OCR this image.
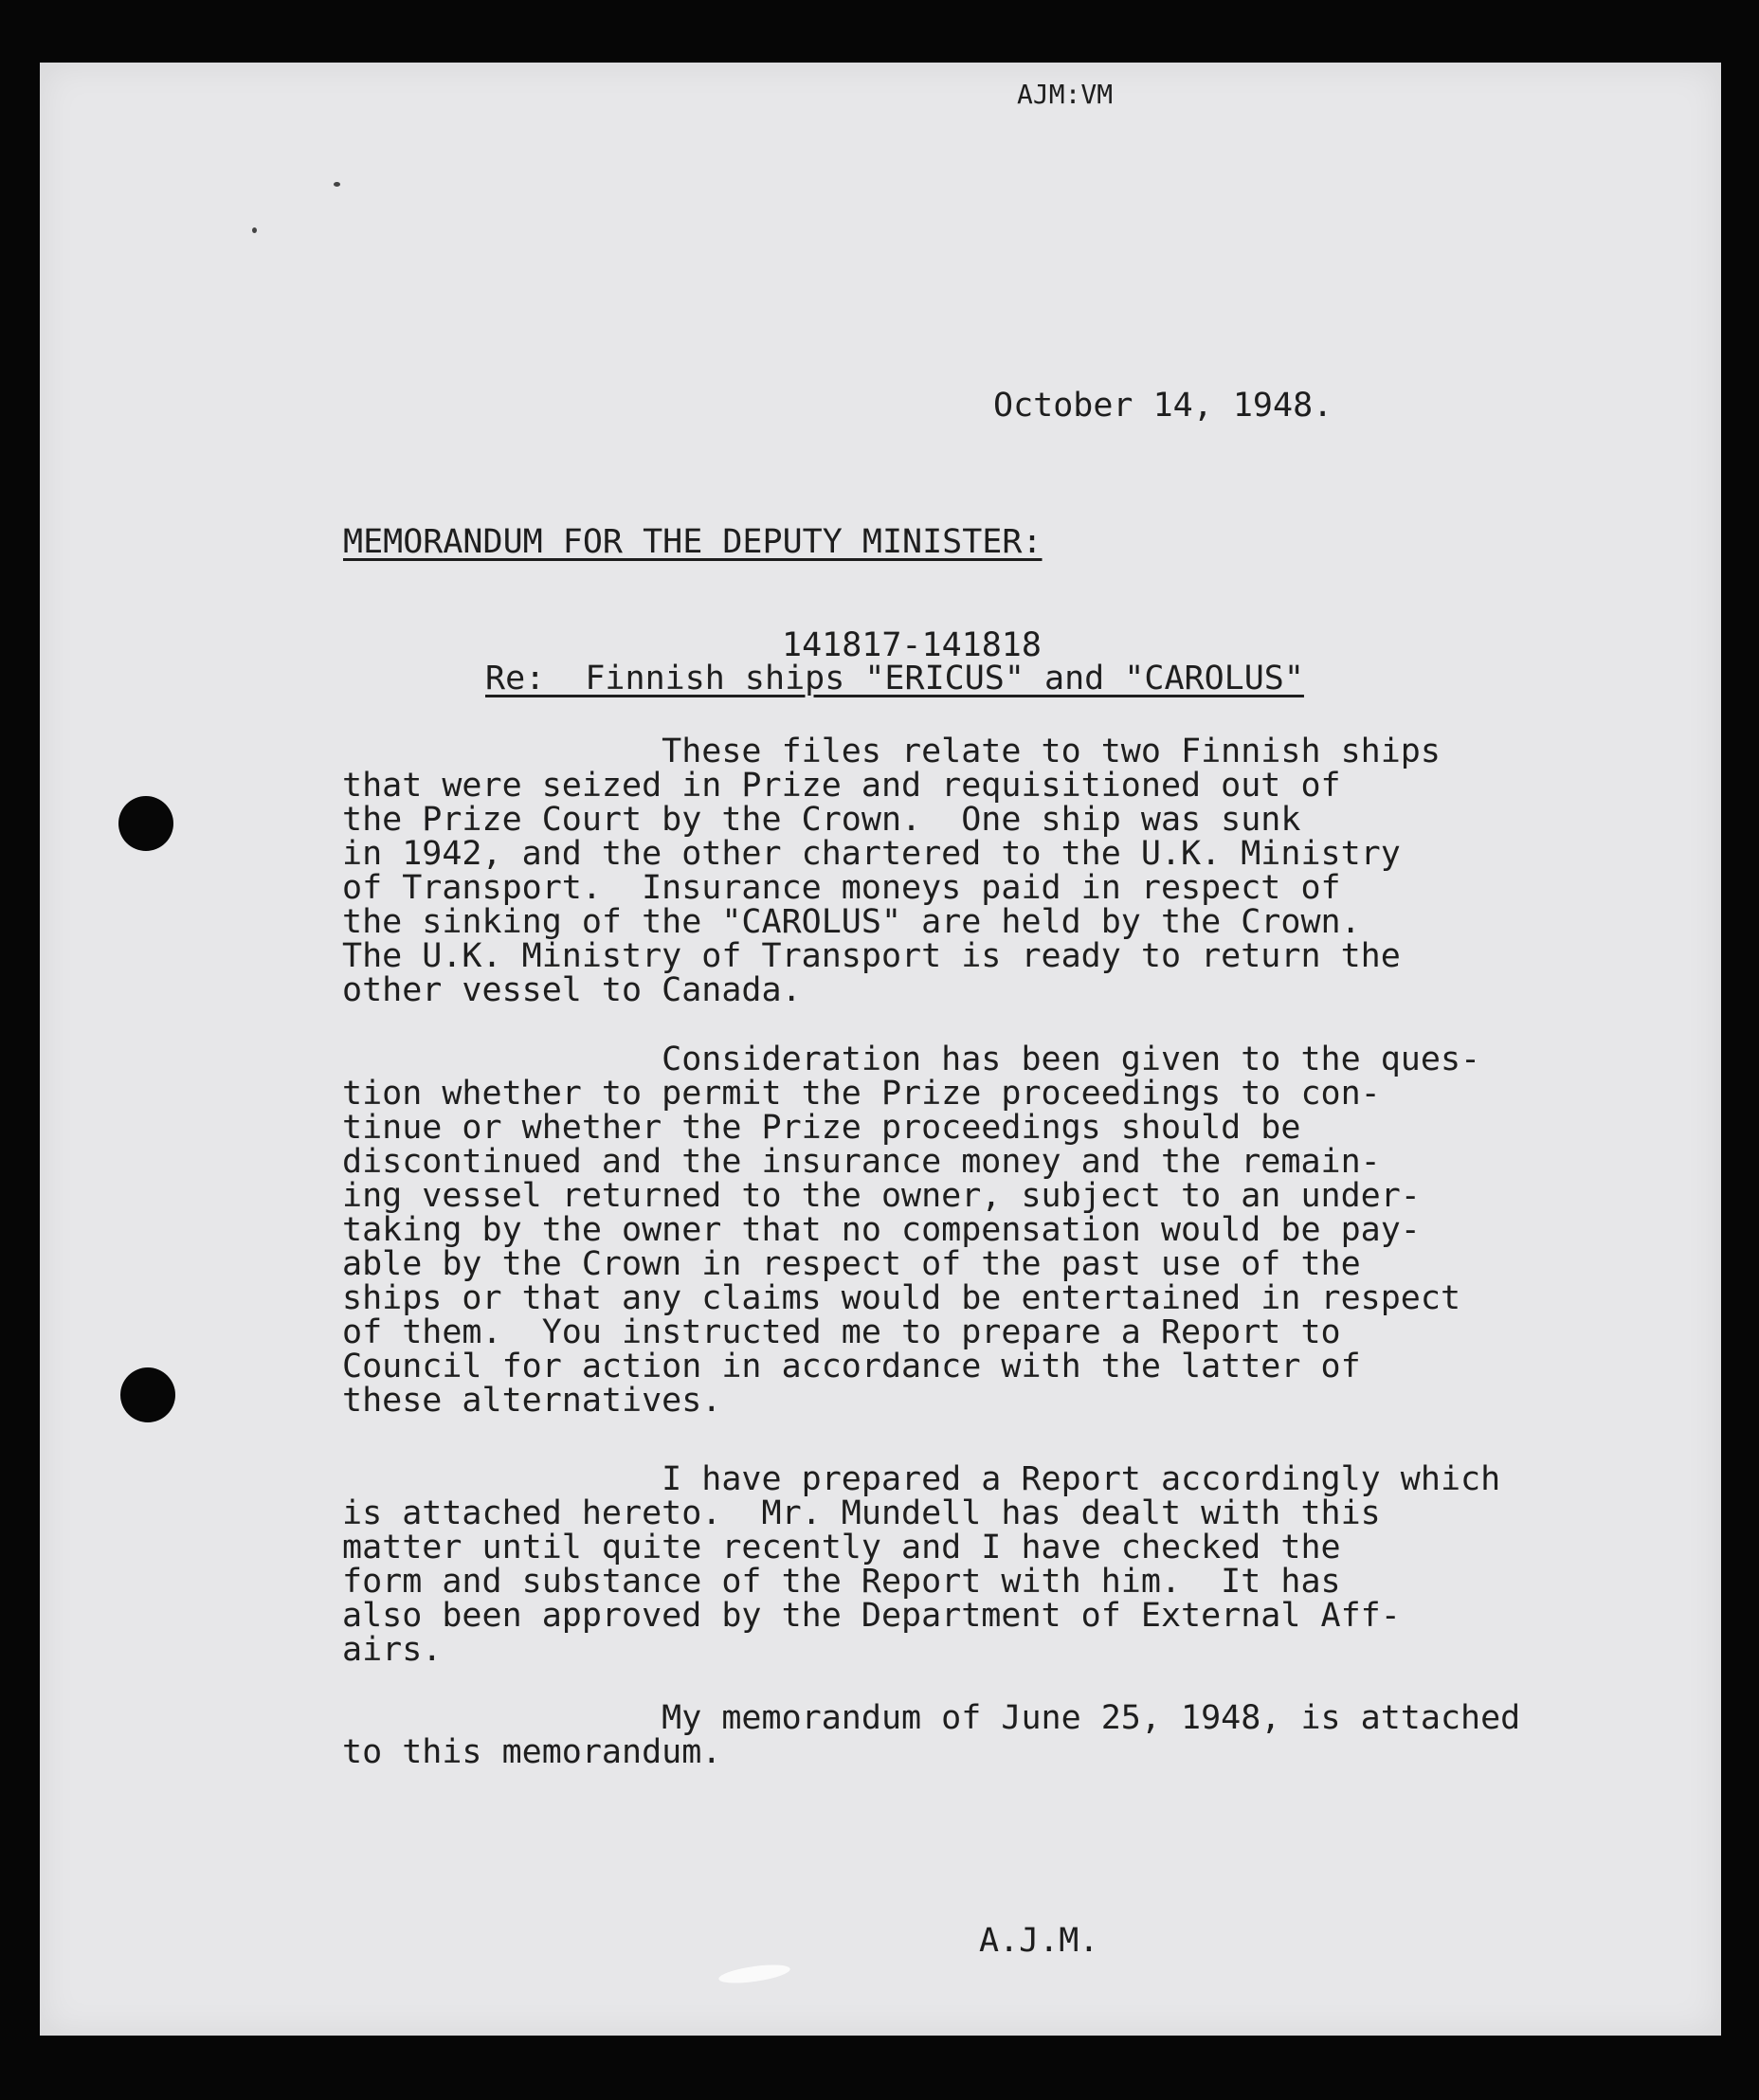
AJM:VM

October 14, 1948.

MEMORANDUM FOR THE DEPUTY MINISTER:

141817-141818

Re:  Finnish ships "ERICUS" and "CAROLUS"

These files relate to two Finnish ships
that were seized in Prize and requisitioned out of
the Prize Court by the Crown.  One ship was sunk
in 1942, and the other chartered to the U.K. Ministry
of Transport.  Insurance moneys paid in respect of
the sinking of the "CAROLUS" are held by the Crown.
The U.K. Ministry of Transport is ready to return the
other vessel to Canada.

Consideration has been given to the ques-
tion whether to permit the Prize proceedings to con-
tinue or whether the Prize proceedings should be
discontinued and the insurance money and the remain-
ing vessel returned to the owner, subject to an under-
taking by the owner that no compensation would be pay-
able by the Crown in respect of the past use of the
ships or that any claims would be entertained in respect
of them.  You instructed me to prepare a Report to
Council for action in accordance with the latter of
these alternatives.

I have prepared a Report accordingly which
is attached hereto.  Mr. Mundell has dealt with this
matter until quite recently and I have checked the
form and substance of the Report with him.  It has
also been approved by the Department of External Aff-
airs.

My memorandum of June 25, 1948, is attached
to this memorandum.

A.J.M.
